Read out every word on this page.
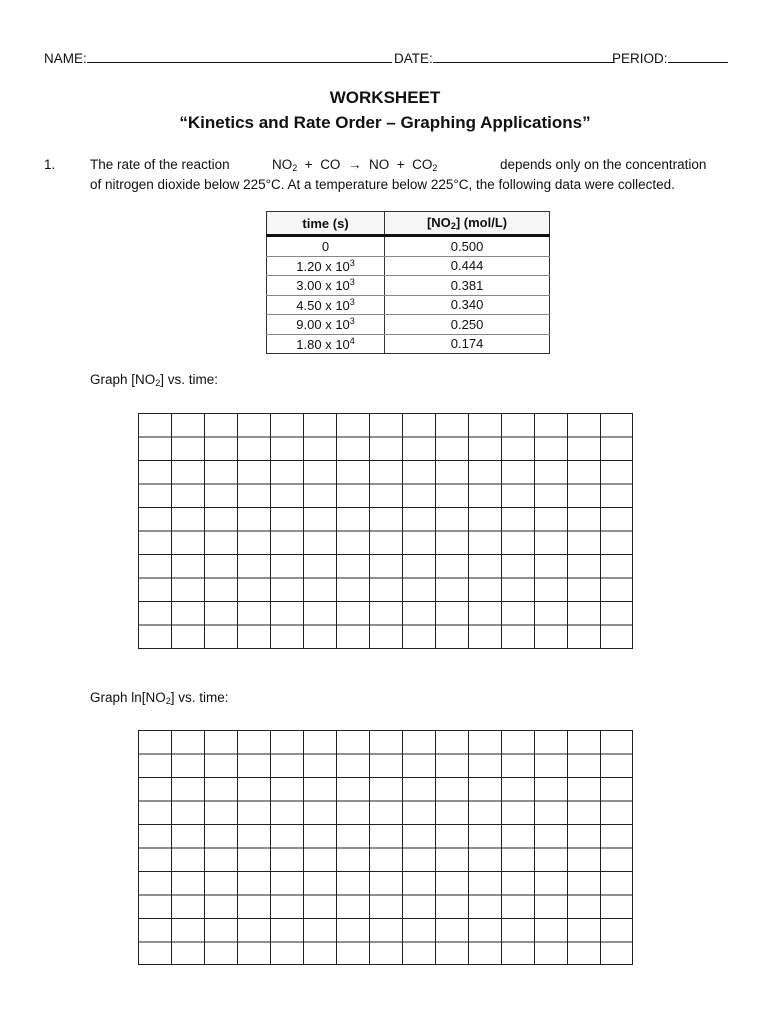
NAME:	DATE:	PERIOD:
WORKSHEET
“Kinetics and Rate Order – Graphing Applications”
1.	The rate of the reaction	$NO_2$ + CO → NO + $CO_2$	depends only on the concentration
of nitrogen dioxide below 225°C. At a temperature below 225°C, the following data were collected.
time (s)	$[NO_2]$ (mol/L)
0	0.500
1.20 x $10^3$	0.444
3.00 x $10^3$	0.381
4.50 x $10^3$	0.340
9.00 x $10^3$	0.250
1.80 x $10^4$	0.174
Graph $[NO_2]$ vs. time:
Graph $\ln[NO_2]$ vs. time:
